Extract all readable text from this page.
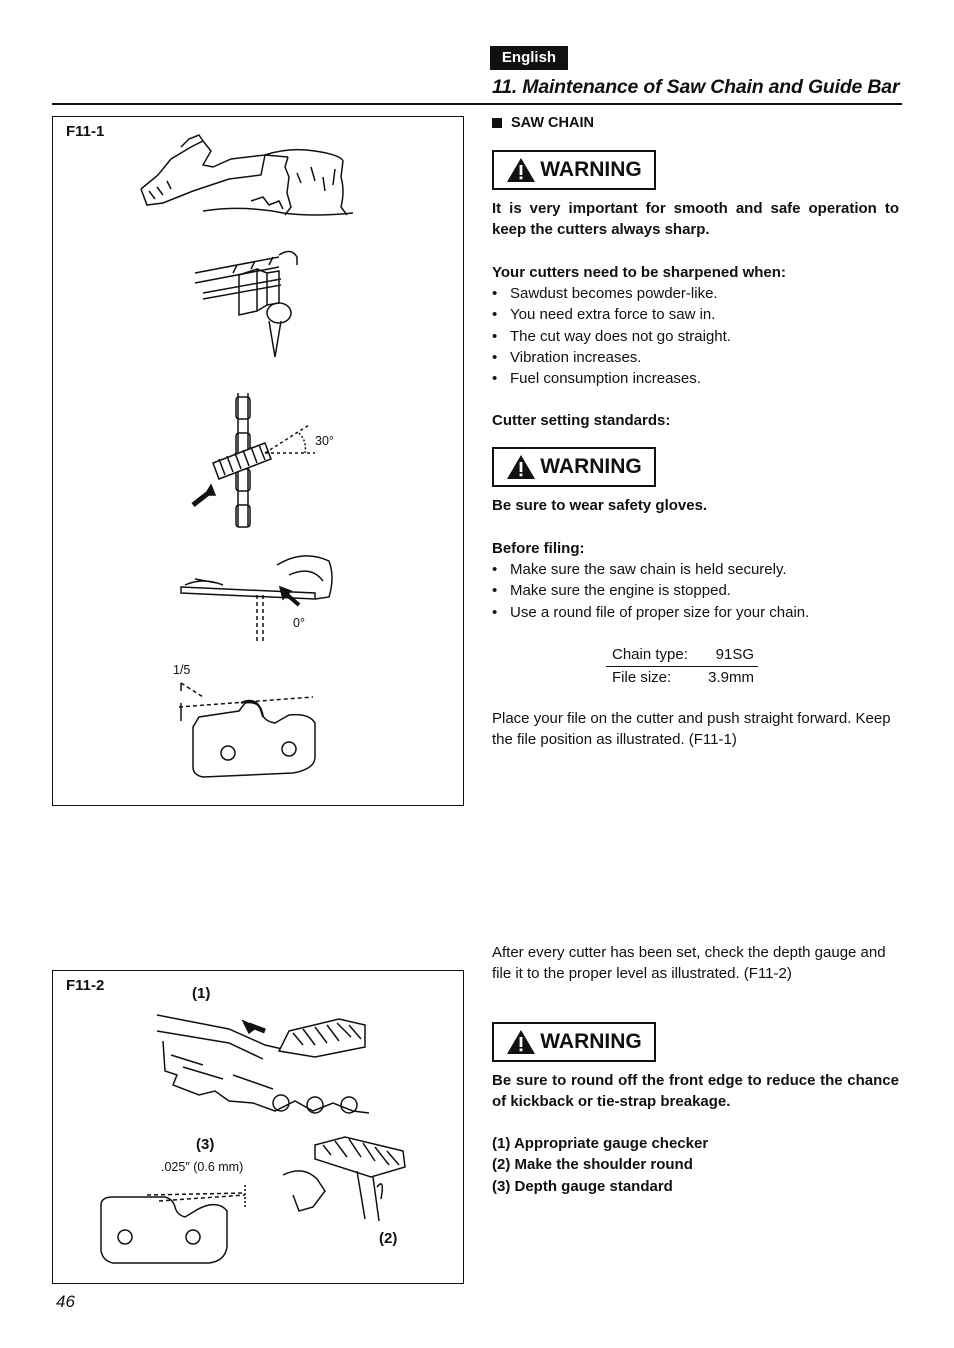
English
11. Maintenance of Saw Chain and Guide Bar
F11-1
30°
0°
1/5
F11-2	(1)
(3)
.025″ (0.6 mm)
(2)
SAW CHAIN
WARNING
It is very important for smooth and safe operation to keep the cutters always sharp.
Your cutters need to be sharpened when:
• Sawdust becomes powder-like.
• You need extra force to saw in.
• The cut way does not go straight.
• Vibration increases.
• Fuel consumption increases.
Cutter setting standards:
WARNING
Be sure to wear safety gloves.
Before filing:
• Make sure the saw chain is held securely.
• Make sure the engine is stopped.
• Use a round file of proper size for your chain.
Chain type: 91SG
File size: 3.9mm
Place your file on the cutter and push straight forward. Keep the file position as illustrated. (F11-1)
After every cutter has been set, check the depth gauge and file it to the proper level as illustrated. (F11-2)
WARNING
Be sure to round off the front edge to reduce the chance of kickback or tie-strap breakage.
(1) Appropriate gauge checker
(2) Make the shoulder round
(3) Depth gauge standard
46
